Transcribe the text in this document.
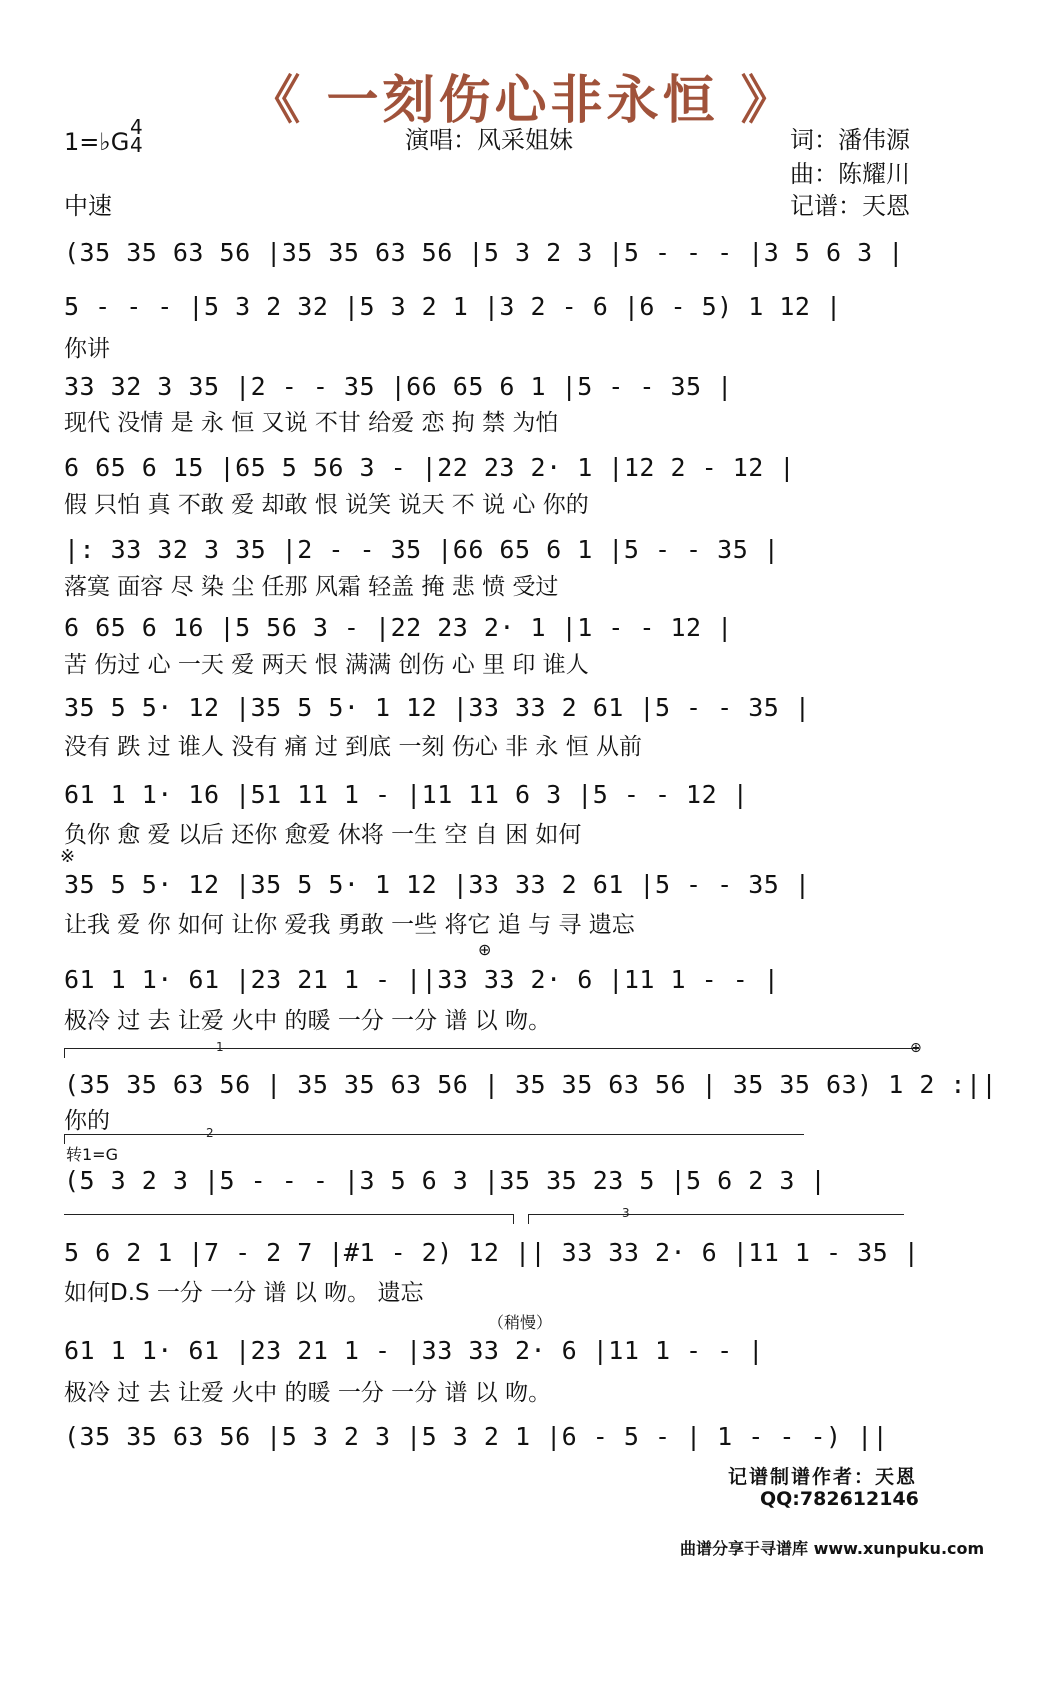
《 一刻伤心非永恒 》
1=♭G
4
4
中速
演唱：风采姐妹	词：潘伟源
曲：陈耀川
记谱：天恩
(35 35 63 56 |35 35 63 56 |5 3 2 3 |5 - - - |3 5 6 3 |
5 - - - |5 3 2 32 |5 3 2 1 |3 2 - 6 |6 - 5) 1 12 |
你讲
33 32 3 35 |2 - - 35 |66 65 6 1 |5 - - 35 |
现代 没情 是 永 恒 又说 不甘 给爱 恋 拘 禁 为怕
6 65 6 15 |65 5 56 3 - |22 23 2· 1 |12 2 - 12 |
假 只怕 真 不敢 爱 却敢 恨 说笑 说天 不 说 心 你的
|: 33 32 3 35 |2 - - 35 |66 65 6 1 |5 - - 35 |
落寞 面容 尽 染 尘 任那 风霜 轻盖 掩 悲 愤 受过
6 65 6 16 |5 56 3 - |22 23 2· 1 |1 - - 12 |
苦 伤过 心 一天 爱 两天 恨 满满 创伤 心 里 印 谁人
35 5 5· 12 |35 5 5· 1 12 |33 33 2 61 |5 - - 35 |
没有 跌 过 谁人 没有 痛 过 到底 一刻 伤心 非 永 恒 从前
61 1 1· 16 |51 11 1 - |11 11 6 3 |5 - - 12 |
负你 愈 爱 以后 还你 愈爱 休将 一生 空 自 困 如何
※
35 5 5· 12 |35 5 5· 1 12 |33 33 2 61 |5 - - 35 |
让我 爱 你 如何 让你 爱我 勇敢 一些 将它 追 与 寻 遗忘
⊕
61 1 1· 61 |23 21 1 - ||33 33 2· 6 |11 1 - - |
极冷 过 去 让爱 火中 的暖 一分 一分 谱 以 吻。
1	⊕
(35 35 63 56 | 35 35 63 56 | 35 35 63 56 | 35 35 63) 1 2 :||
你的	2
转1=G
(5 3 2 3 |5 - - - |3 5 6 3 |35 35 23 5 |5 6 2 3 |
3
5 6 2 1 |7 - 2 7 |#1 - 2) 12 || 33 33 2· 6 |11 1 - 35 |
如何D.S 一分 一分 谱 以 吻。 遗忘
（稍慢）
61 1 1· 61 |23 21 1 - |33 33 2· 6 |11 1 - - |
极冷 过 去 让爱 火中 的暖 一分 一分 谱 以 吻。
(35 35 63 56 |5 3 2 3 |5 3 2 1 |6 - 5 - | 1 - - -) ||
记谱制谱作者：天恩
QQ:782612146
曲谱分享于寻谱库 www.xunpuku.com
